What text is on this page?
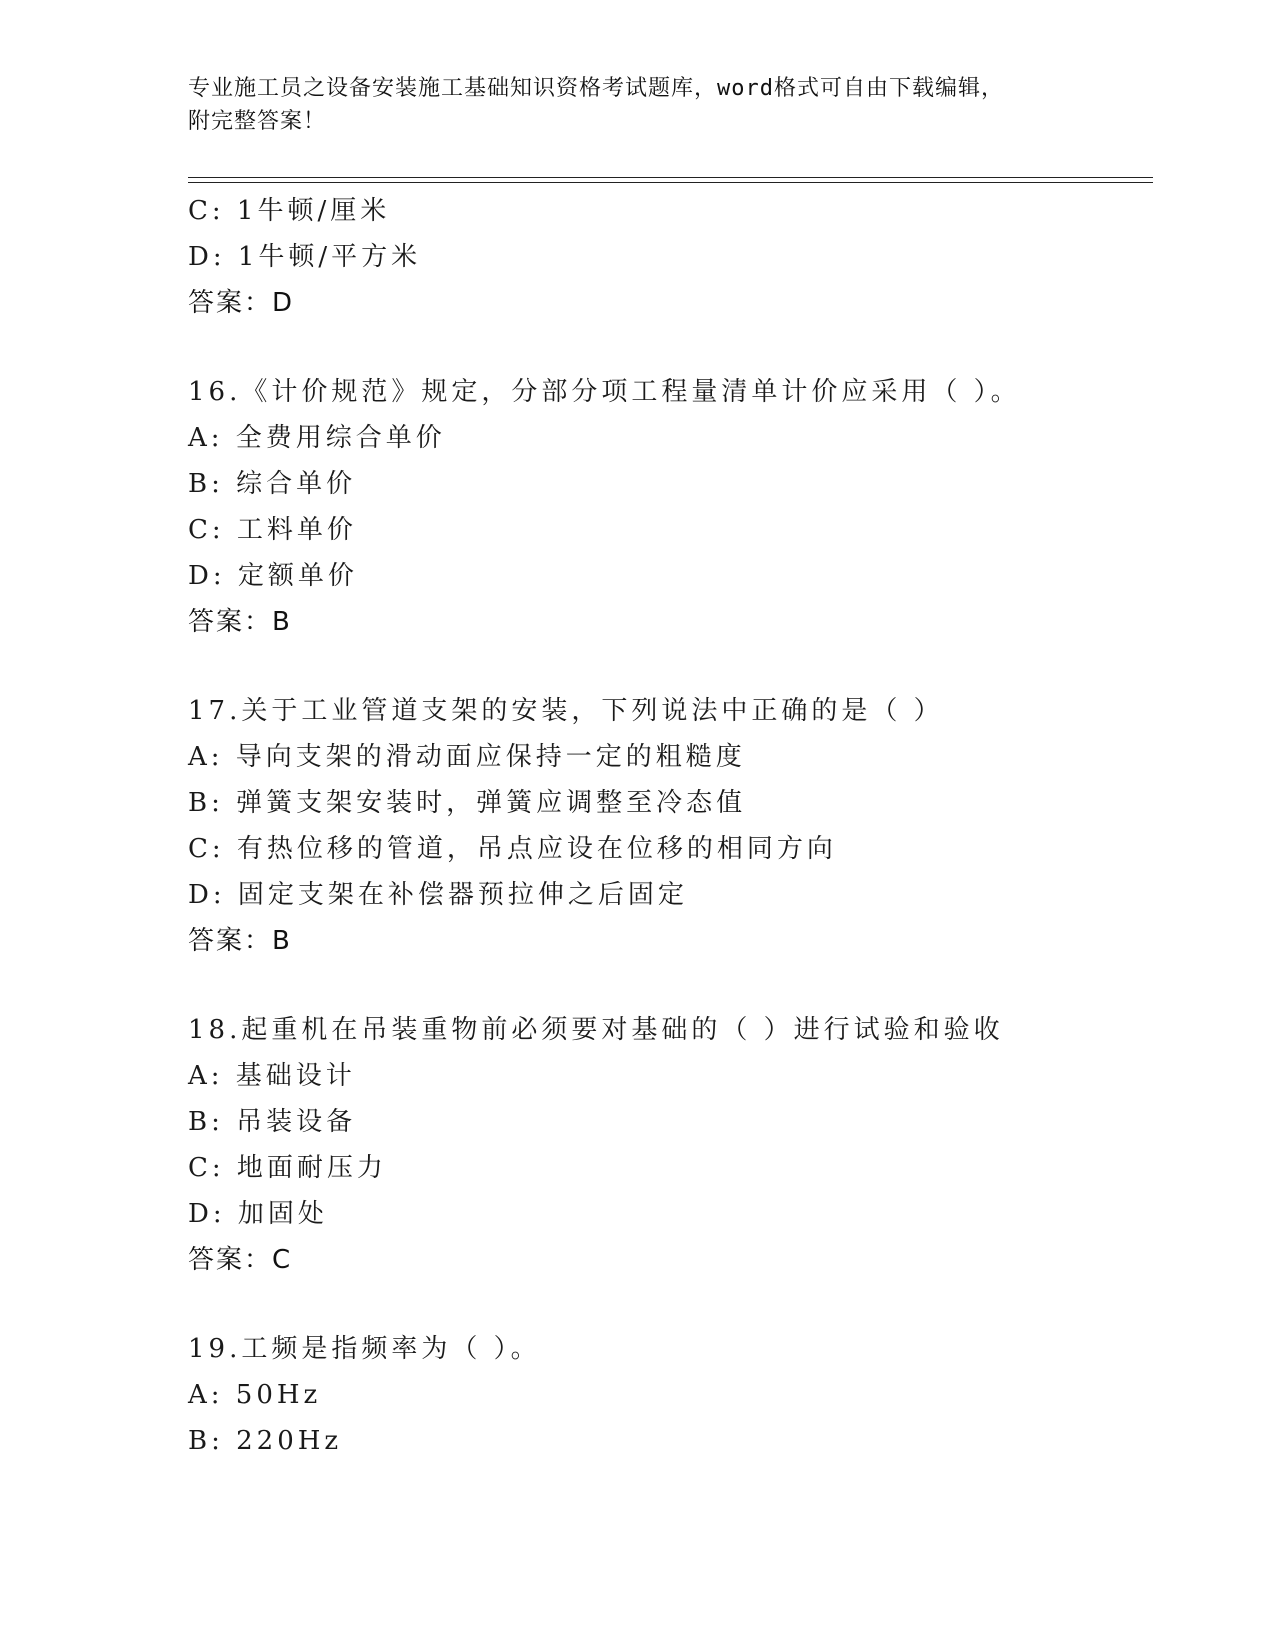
专业施工员之设备安装施工基础知识资格考试题库，word格式可自由下载编辑，
附完整答案！
C: 1牛顿/厘米
D: 1牛顿/平方米
答案：D
16.《计价规范》规定，分部分项工程量清单计价应采用（ ）。
A: 全费用综合单价
B: 综合单价
C: 工料单价
D: 定额单价
答案：B
17.关于工业管道支架的安装，下列说法中正确的是（ ）
A: 导向支架的滑动面应保持一定的粗糙度
B: 弹簧支架安装时，弹簧应调整至冷态值
C: 有热位移的管道，吊点应设在位移的相同方向
D: 固定支架在补偿器预拉伸之后固定
答案：B
18.起重机在吊装重物前必须要对基础的（ ）进行试验和验收
A: 基础设计
B: 吊装设备
C: 地面耐压力
D: 加固处
答案：C
19.工频是指频率为（ ）。
A: 50Hz
B: 220Hz
